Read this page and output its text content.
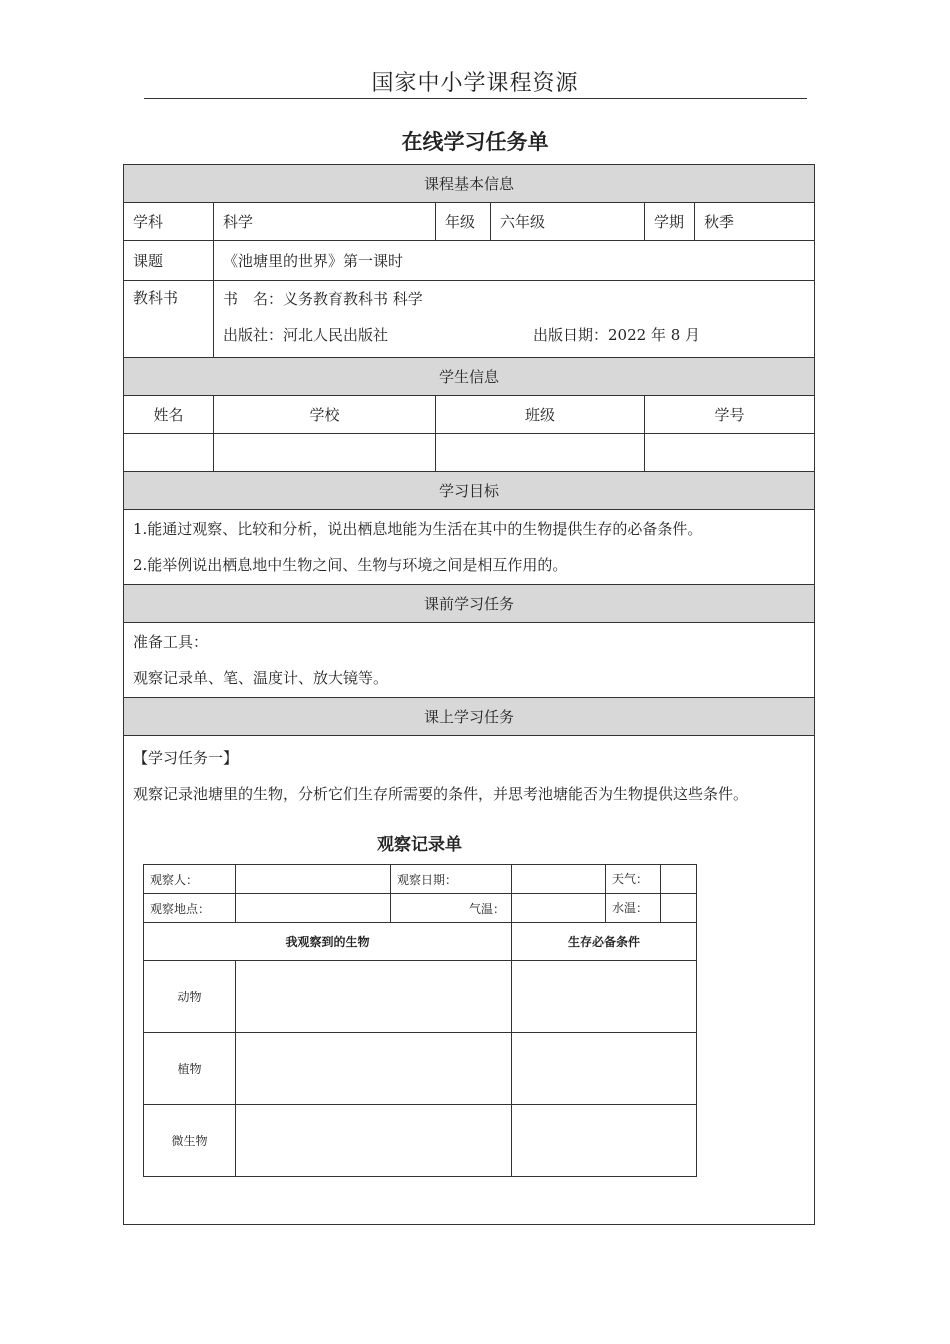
国家中小学课程资源
在线学习任务单
课程基本信息
学科	科学	年级	六年级	学期	秋季
课题	《池塘里的世界》第一课时
教科书	书　名：义务教育教科书 科学
出版社：河北人民出版社	出版日期：2022 年 8 月

学生信息
姓名	学校	班级	学号

学习目标

1.能通过观察、比较和分析，说出栖息地能为生活在其中的生物提供生存的必备条件。
2.能举例说出栖息地中生物之间、生物与环境之间是相互作用的。

课前学习任务

准备工具：
观察记录单、笔、温度计、放大镜等。

课上学习任务

【学习任务一】
观察记录池塘里的生物，分析它们生存所需要的条件，并思考池塘能否为生物提供这些条件。
观察记录单
观察人：		观察日期：		天气：

观察地点：		气温：		水温：

我观察到的生物	生存必备条件
动物		
植物		
微生物		
